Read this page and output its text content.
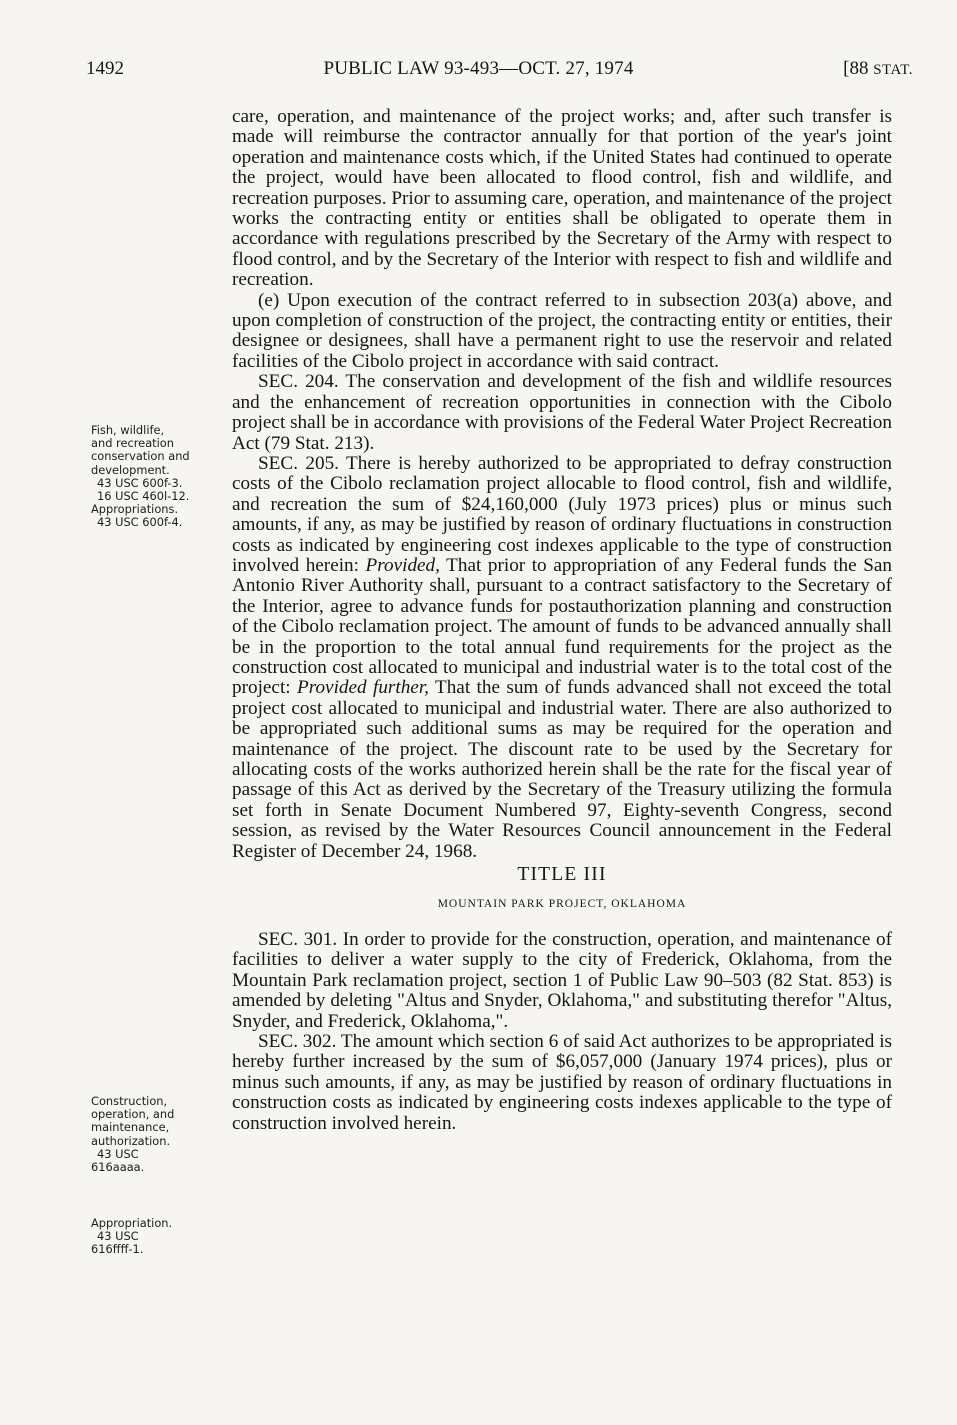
1492	PUBLIC LAW 93-493—OCT. 27, 1974	[88 STAT.

care, operation, and maintenance of the project works; and, after such transfer is made will reimburse the contractor annually for that portion of the year's joint operation and maintenance costs which, if the United States had continued to operate the project, would have been allocated to flood control, fish and wildlife, and recreation purposes. Prior to assuming care, operation, and maintenance of the project works the contracting entity or entities shall be obligated to operate them in accordance with regulations prescribed by the Secretary of the Army with respect to flood control, and by the Secretary of the Interior with respect to fish and wildlife and recreation.

(e) Upon execution of the contract referred to in subsection 203(a) above, and upon completion of construction of the project, the contracting entity or entities, their designee or designees, shall have a permanent right to use the reservoir and related facilities of the Cibolo project in accordance with said contract.

SEC. 204. The conservation and development of the fish and wildlife resources and the enhancement of recreation opportunities in connection with the Cibolo project shall be in accordance with provisions of the Federal Water Project Recreation Act (79 Stat. 213).

SEC. 205. There is hereby authorized to be appropriated to defray construction costs of the Cibolo reclamation project allocable to flood control, fish and wildlife, and recreation the sum of $24,160,000 (July 1973 prices) plus or minus such amounts, if any, as may be justified by reason of ordinary fluctuations in construction costs as indicated by engineering cost indexes applicable to the type of construction involved herein: Provided, That prior to appropriation of any Federal funds the San Antonio River Authority shall, pursuant to a contract satisfactory to the Secretary of the Interior, agree to advance funds for postauthorization planning and construction of the Cibolo reclamation project. The amount of funds to be advanced annually shall be in the proportion to the total annual fund requirements for the project as the construction cost allocated to municipal and industrial water is to the total cost of the project: Provided further, That the sum of funds advanced shall not exceed the total project cost allocated to municipal and industrial water. There are also authorized to be appropriated such additional sums as may be required for the operation and maintenance of the project. The discount rate to be used by the Secretary for allocating costs of the works authorized herein shall be the rate for the fiscal year of passage of this Act as derived by the Secretary of the Treasury utilizing the formula set forth in Senate Document Numbered 97, Eighty-seventh Congress, second session, as revised by the Water Resources Council announcement in the Federal Register of December 24, 1968.

TITLE III
MOUNTAIN PARK PROJECT, OKLAHOMA

SEC. 301. In order to provide for the construction, operation, and maintenance of facilities to deliver a water supply to the city of Frederick, Oklahoma, from the Mountain Park reclamation project, section 1 of Public Law 90–503 (82 Stat. 853) is amended by deleting "Altus and Snyder, Oklahoma," and substituting therefor "Altus, Snyder, and Frederick, Oklahoma,".

SEC. 302. The amount which section 6 of said Act authorizes to be appropriated is hereby further increased by the sum of $6,057,000 (January 1974 prices), plus or minus such amounts, if any, as may be justified by reason of ordinary fluctuations in construction costs as indicated by engineering costs indexes applicable to the type of construction involved herein.

Fish, wildlife,
and recreation
conservation and
development.
43 USC 600f-3.
16 USC 460l-12.
Appropriations.
43 USC 600f-4.
Construction,
operation, and
maintenance,
authorization.
43 USC
616aaaa.
Appropriation.
43 USC
616ffff-1.
